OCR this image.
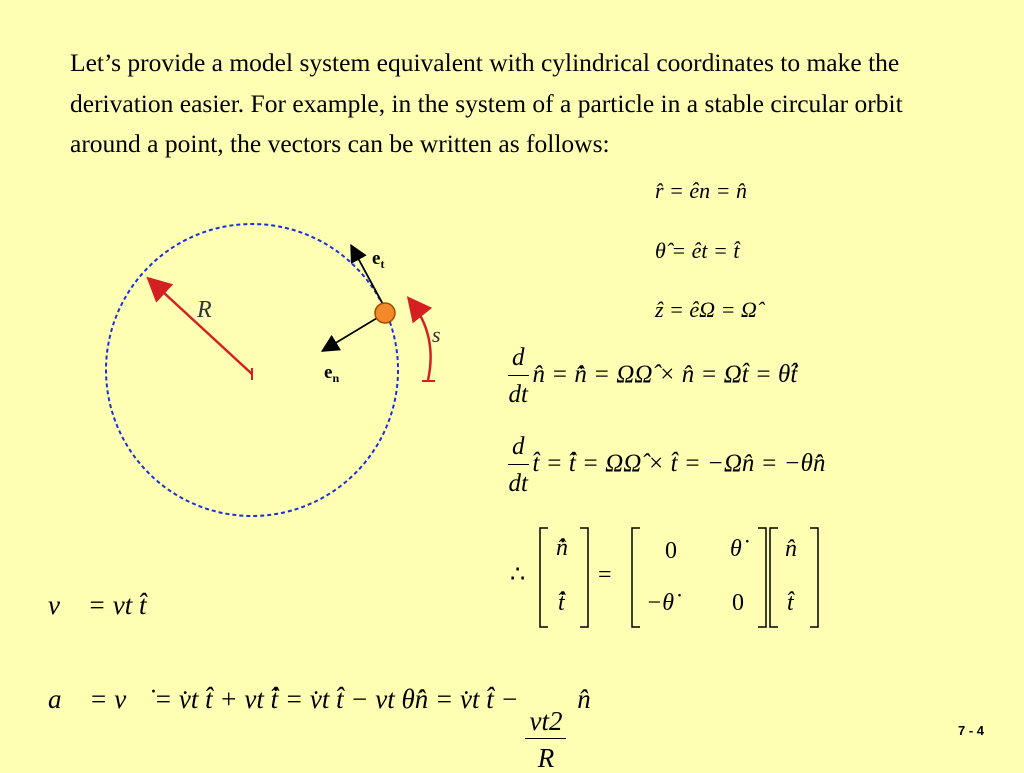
Let’s provide a model system equivalent with cylindrical coordinates to make the derivation easier. For example, in the system of a particle in a stable circular orbit around a point, the vectors can be written as follows:

r̂ = ên = n̂
θ̂ = êt = t̂
ẑ = êΩ = Ω̂
$\frac{d}{dt}$ n̂ = n̂̇ = ΩΩ̂ × n̂ = Ωt̂ = θ̇t̂
$\frac{d}{dt}$ t̂ = t̂̇ = ΩΩ̂ × t̂ = −Ωn̂ = −θ̇n̂
∴
n̂̇
t̂̇
=
0 θ̇
−θ̇ 0
n̂
t̂
v⃗ = vt t̂
a⃗ = v⃗̇ = v̇t t̂ + vt t̂̇ = v̇t t̂ − vt θ̇n̂ = v̇t t̂ −
$\frac{vt2}{R}$
n̂
R
$e_t$
$e_n$
s
7 - 4
